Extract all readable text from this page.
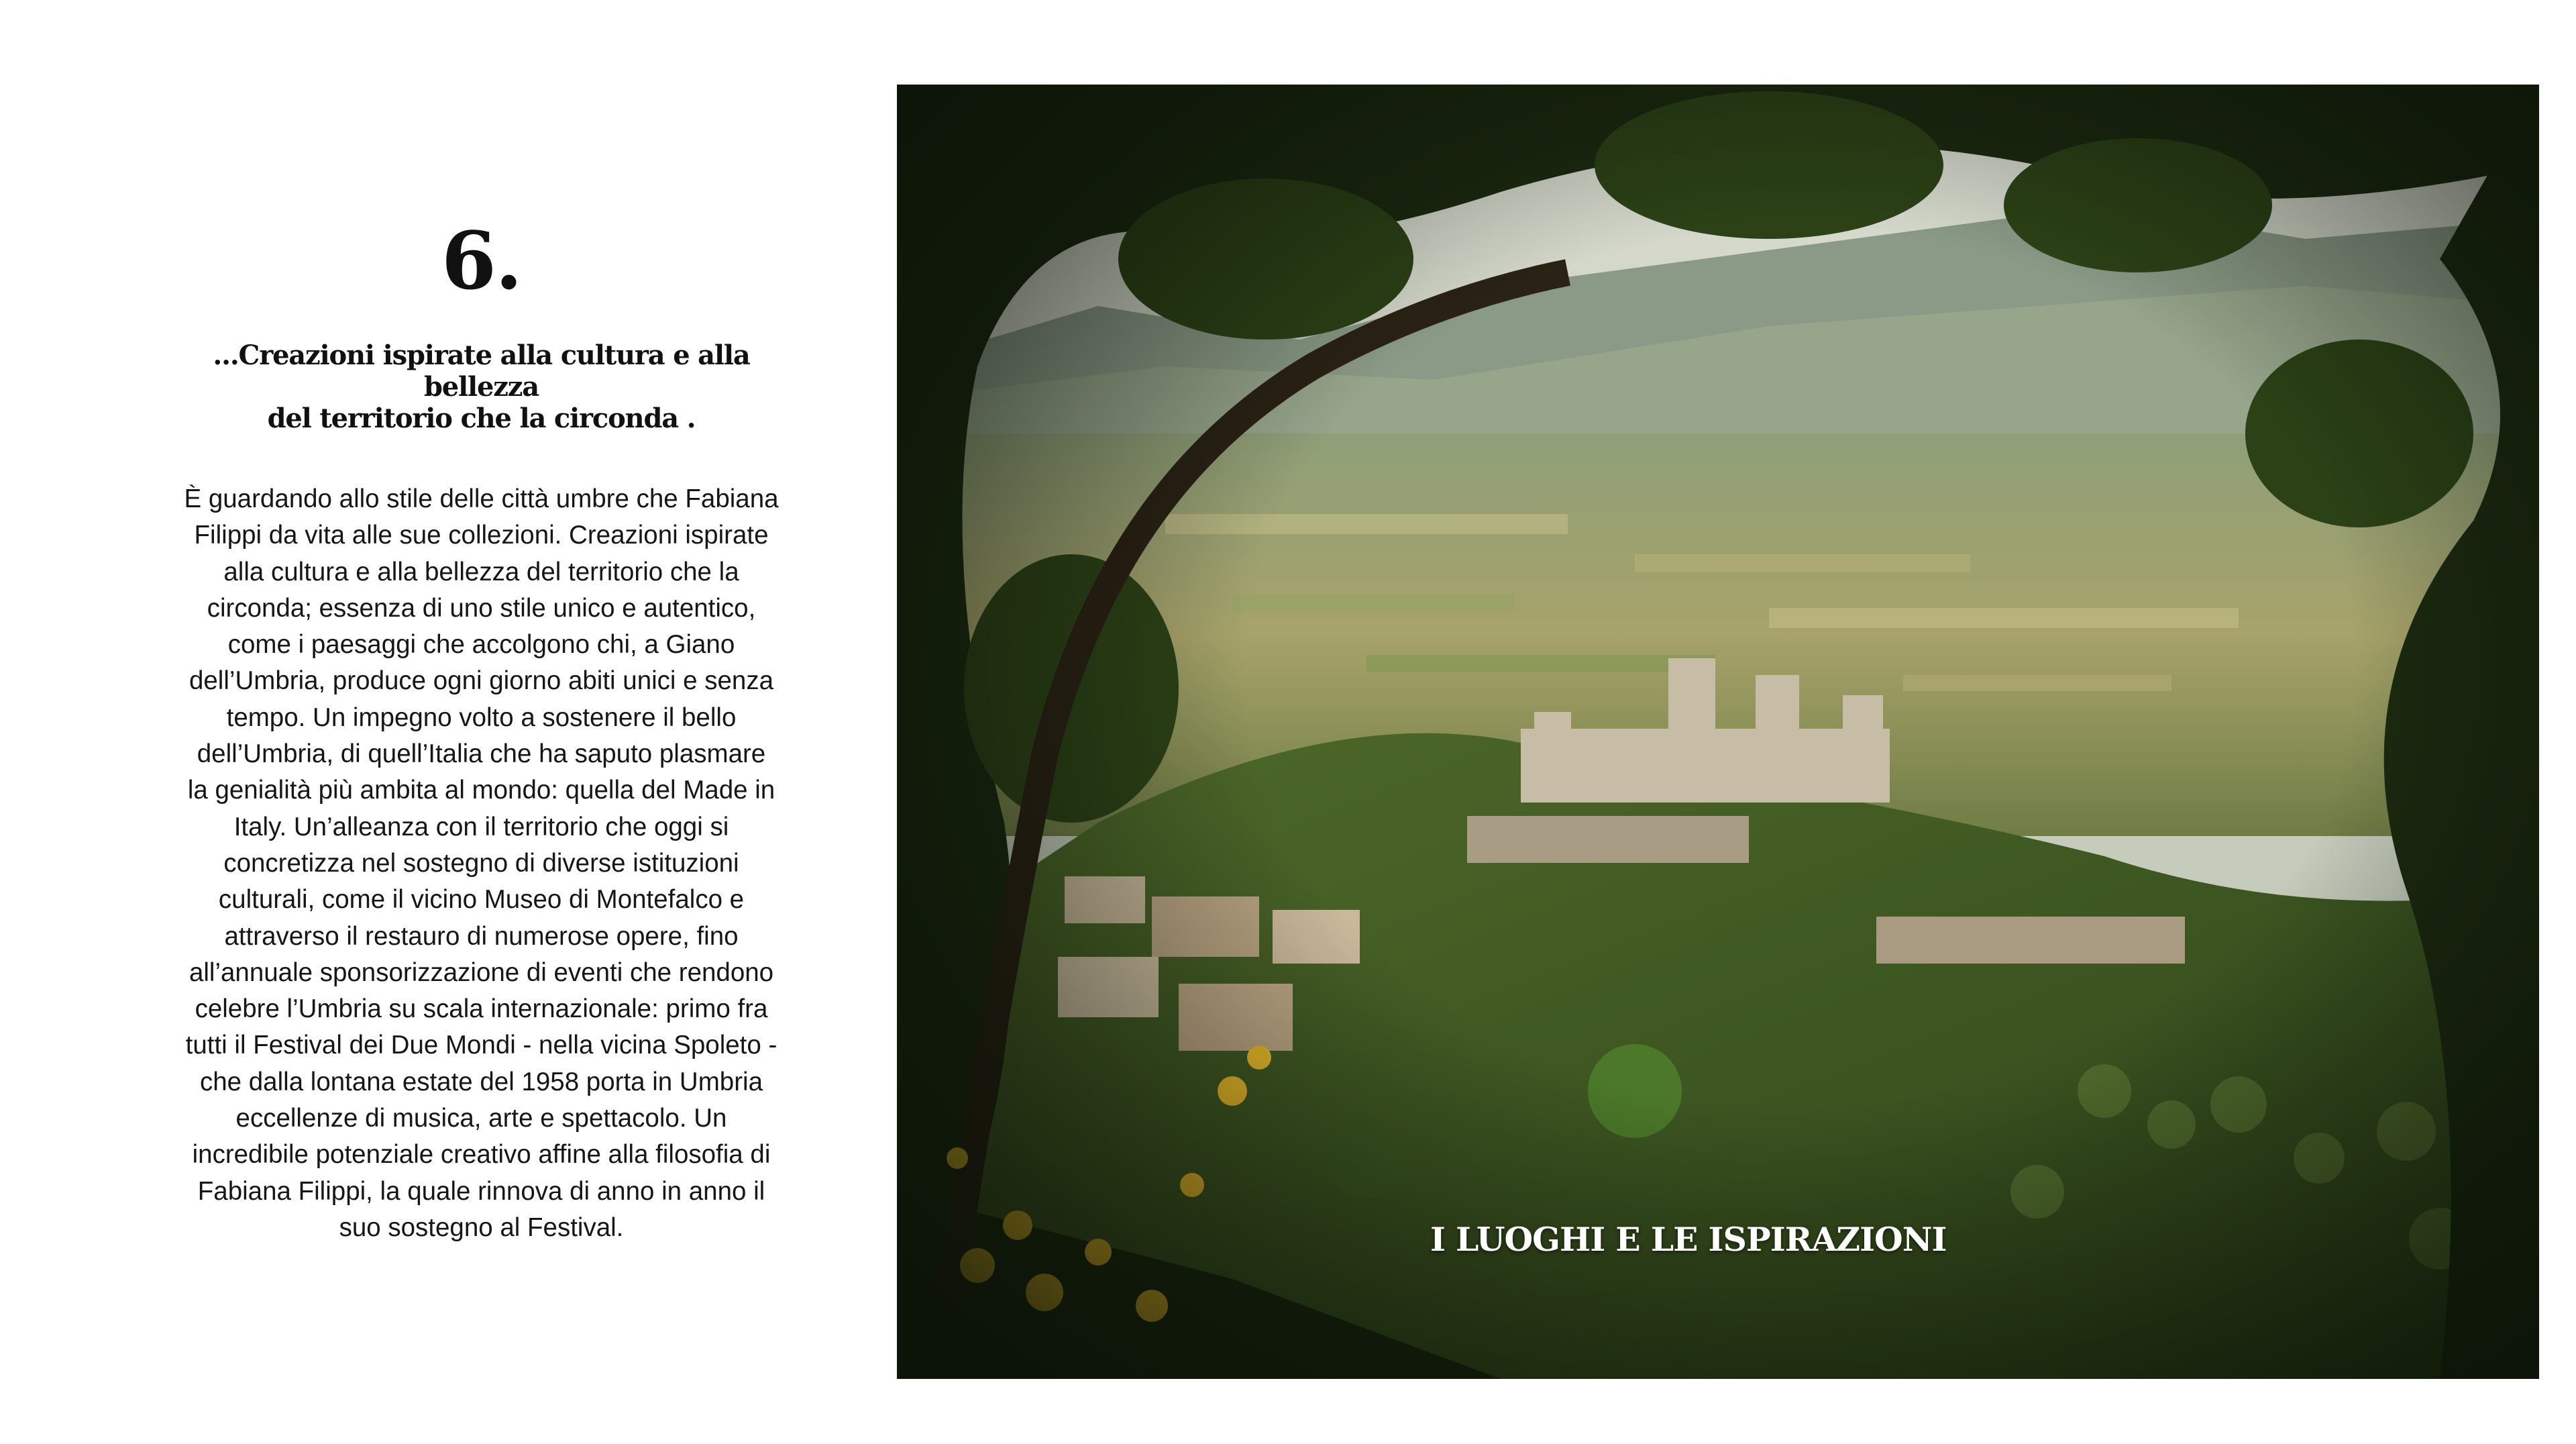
6.
...Creazioni ispirate alla cultura e alla bellezza
del territorio che la circonda .
È guardando allo stile delle città umbre che Fabiana
Filippi da vita alle sue collezioni. Creazioni ispirate
alla cultura e alla bellezza del territorio che la
circonda; essenza di uno stile unico e autentico,
come i paesaggi che accolgono chi, a Giano
dell’Umbria, produce ogni giorno abiti unici e senza
tempo. Un impegno volto a sostenere il bello
dell’Umbria, di quell’Italia che ha saputo plasmare
la genialità più ambita al mondo: quella del Made in
Italy. Un’alleanza con il territorio che oggi si
concretizza nel sostegno di diverse istituzioni
culturali, come il vicino Museo di Montefalco e
attraverso il restauro di numerose opere, fino
all’annuale sponsorizzazione di eventi che rendono
celebre l’Umbria su scala internazionale: primo fra
tutti il Festival dei Due Mondi - nella vicina Spoleto -
che dalla lontana estate del 1958 porta in Umbria
eccellenze di musica, arte e spettacolo. Un
incredibile potenziale creativo affine alla filosofia di
Fabiana Filippi, la quale rinnova di anno in anno il
suo sostegno al Festival.	I LUOGHI E LE ISPIRAZIONI
